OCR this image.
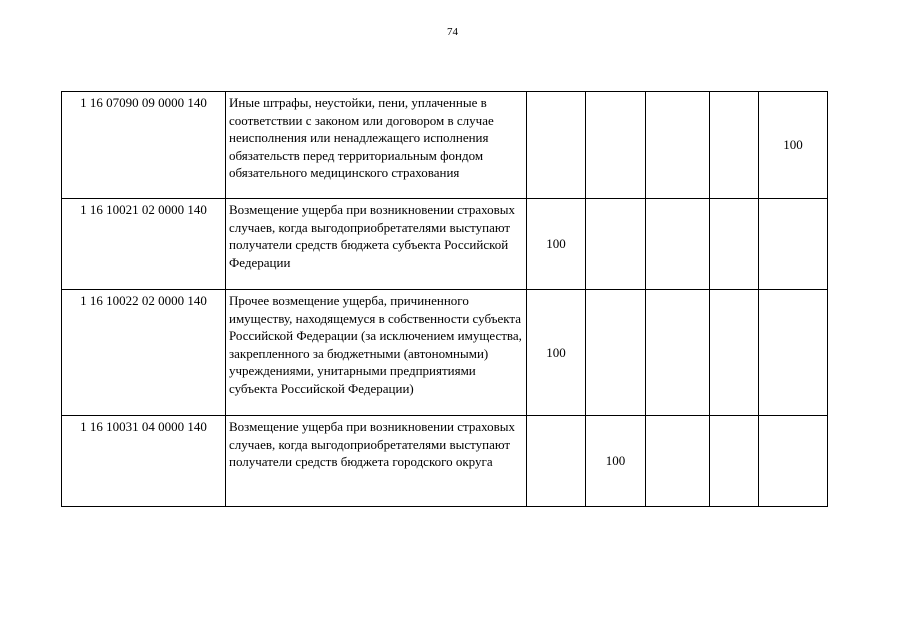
74
1 16 07090 09 0000 140	Иные штрафы, неустойки, пени, уплаченные в соответствии с законом или договором в случае неисполнения или ненадлежащего исполнения обязательств перед территориальным фондом обязательного медицинского страхования					100
1 16 10021 02 0000 140	Возмещение ущерба при возникновении страховых случаев, когда выгодоприобретателями выступают получатели средств бюджета субъекта Российской Федерации	100				
1 16 10022 02 0000 140	Прочее возмещение ущерба, причиненного имуществу, находящемуся в собственности субъекта Российской Федерации (за исключением имущества, закрепленного за бюджетными (автономными) учреждениями, унитарными предприятиями субъекта Российской Федерации)	100				
1 16 10031 04 0000 140	Возмещение ущерба при возникновении страховых случаев, когда выгодоприобретателями выступают получатели средств бюджета городского округа		100			
